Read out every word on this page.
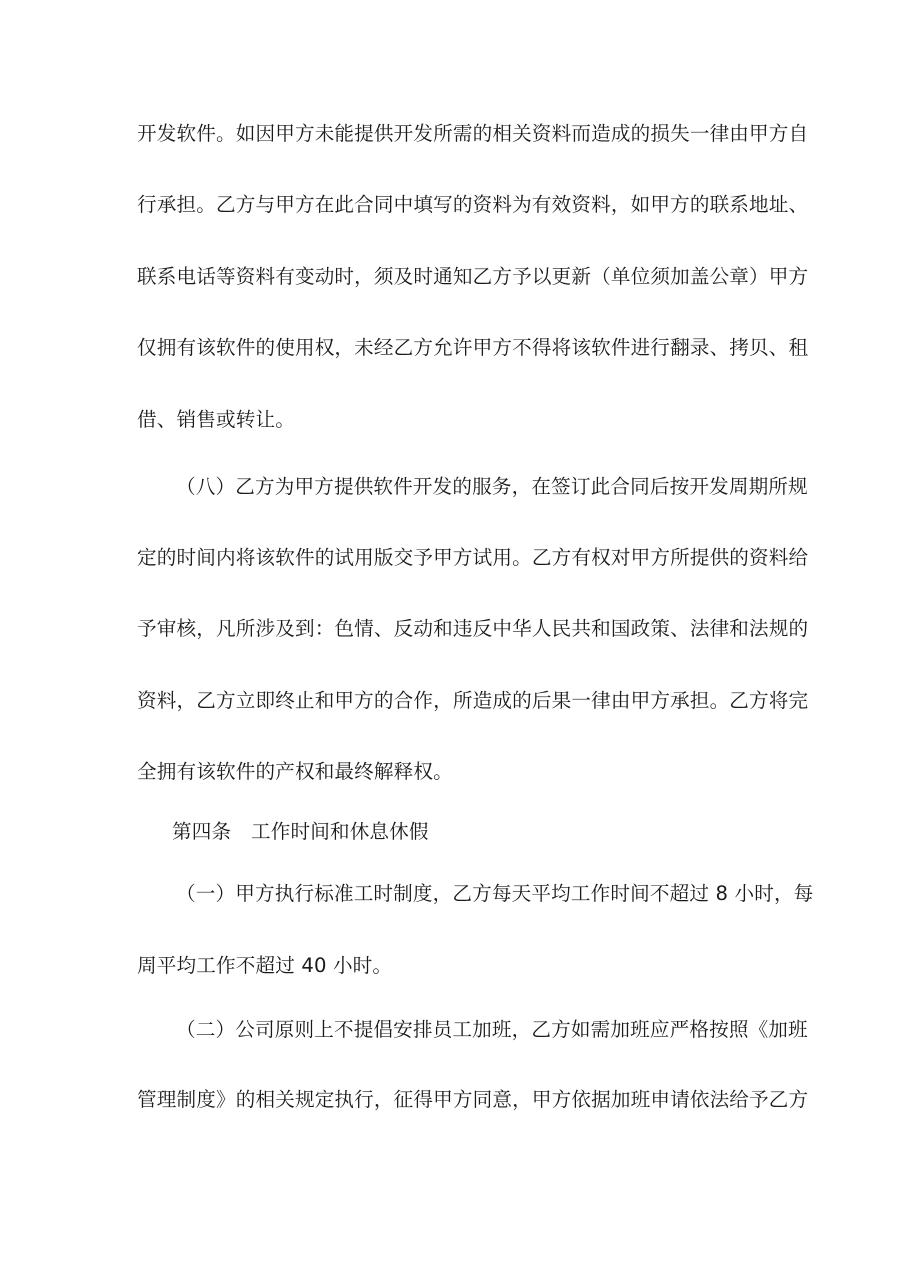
开发软件。如因甲方未能提供开发所需的相关资料而造成的损失一律由甲方自
行承担。乙方与甲方在此合同中填写的资料为有效资料，如甲方的联系地址、
联系电话等资料有变动时，须及时通知乙方予以更新（单位须加盖公章）甲方
仅拥有该软件的使用权，未经乙方允许甲方不得将该软件进行翻录、拷贝、租
借、销售或转让。
（八）乙方为甲方提供软件开发的服务，在签订此合同后按开发周期所规
定的时间内将该软件的试用版交予甲方试用。乙方有权对甲方所提供的资料给
予审核，凡所涉及到：色情、反动和违反中华人民共和国政策、法律和法规的
资料，乙方立即终止和甲方的合作，所造成的后果一律由甲方承担。乙方将完
全拥有该软件的产权和最终解释权。
第四条　工作时间和休息休假
（一）甲方执行标准工时制度，乙方每天平均工作时间不超过 8 小时，每
周平均工作不超过 40 小时。
（二）公司原则上不提倡安排员工加班，乙方如需加班应严格按照《加班
管理制度》的相关规定执行，征得甲方同意，甲方依据加班申请依法给予乙方
